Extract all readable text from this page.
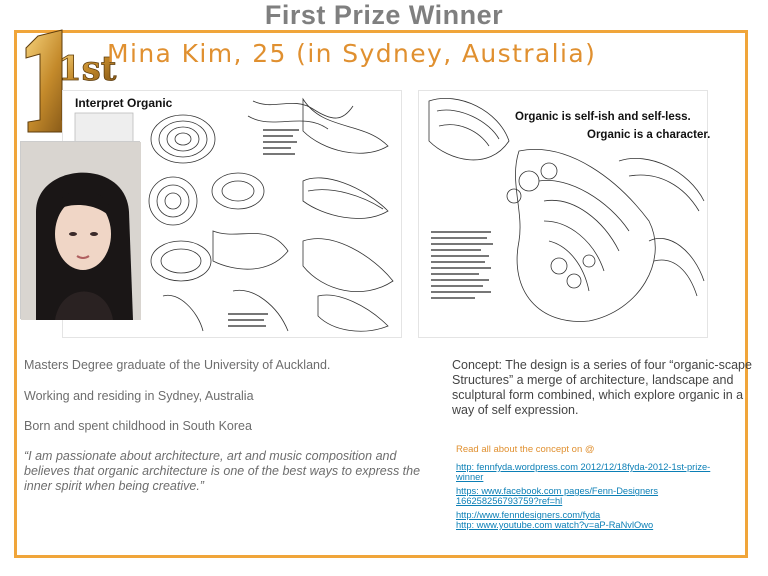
First Prize Winner
1st
Mina Kim, 25 (in Sydney, Australia)
Interpret Organic
Organic is self-ish and self-less.
Organic is a character.
Masters Degree graduate of the University of Auckland.
Working and residing in Sydney, Australia
Born and spent childhood in South Korea
“I am passionate about architecture, art and music composition and believes that organic architecture is one of the best ways to express the inner spirit when being creative.”
Concept: The design is a series of four “organic-scape Structures” a merge of architecture, landscape and sculptural form combined, which explore organic in a way of self expression.
Read all about the concept on @
http: fennfyda.wordpress.com 2012/12/18fyda-2012-1st-prize-winner
https: www.facebook.com pages/Fenn-Designers 166258256793759?ref=hl
http://www.fenndesigners.com/fyda
http: www.youtube.com watch?v=aP-RaNvlOwo
